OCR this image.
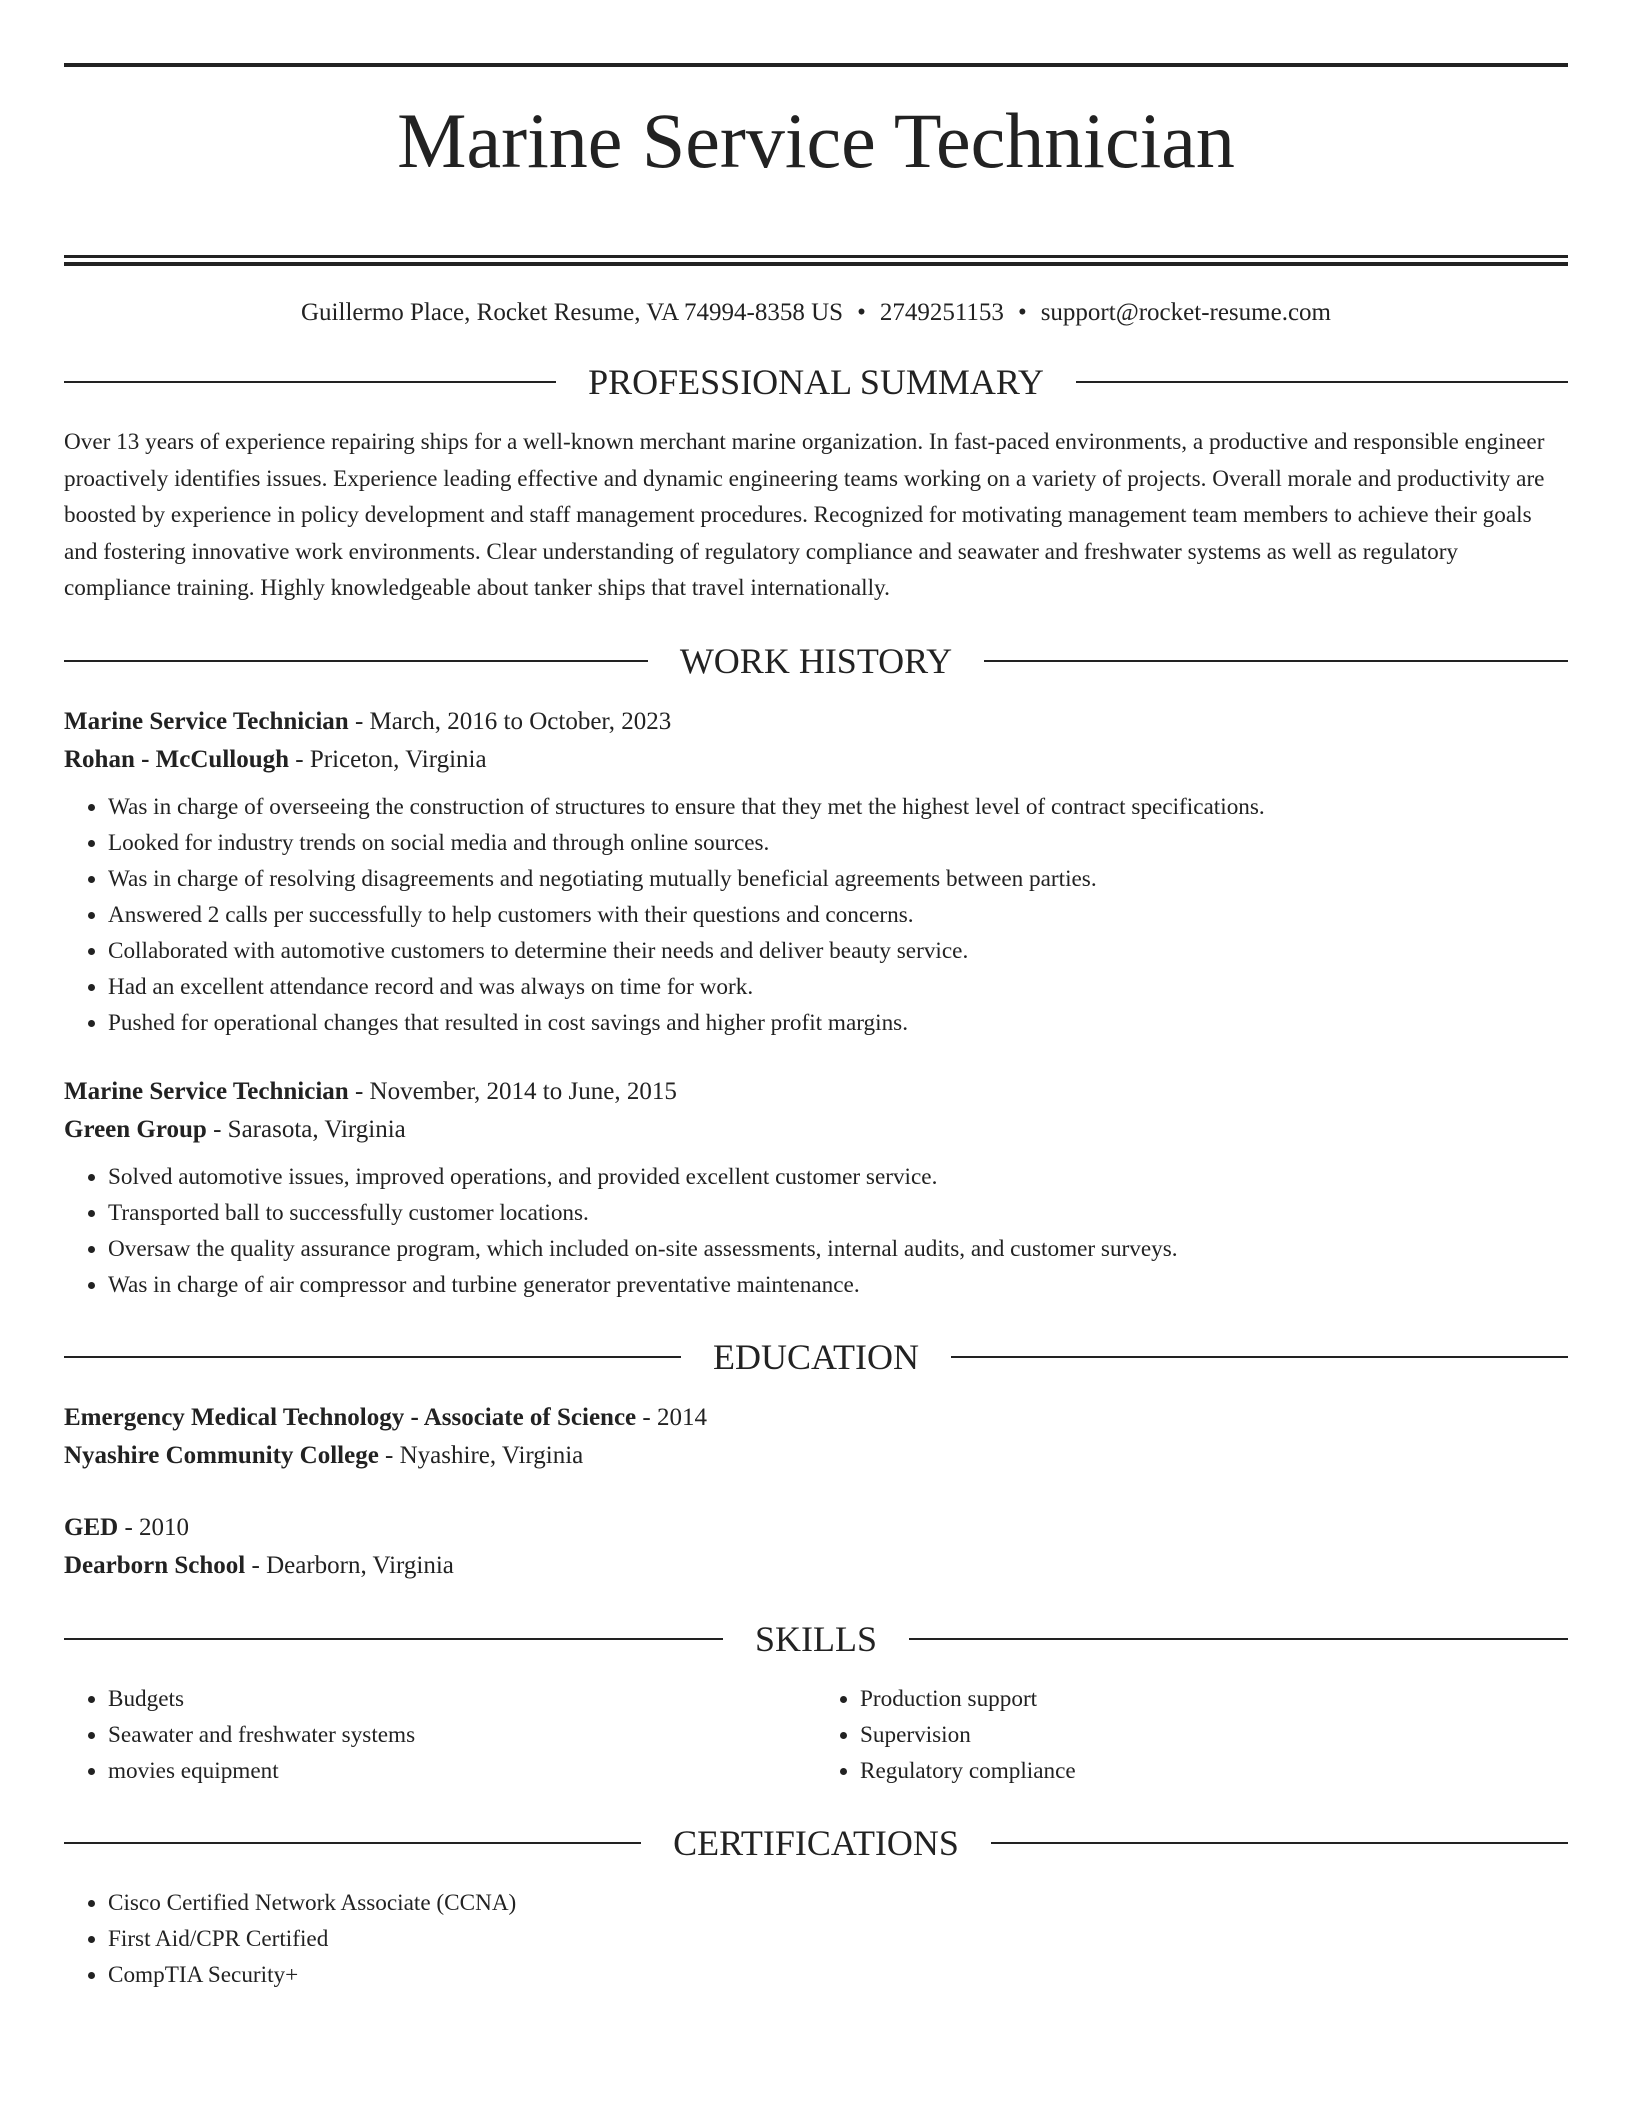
Marine Service Technician
Guillermo Place, Rocket Resume, VA 74994-8358 US • 2749251153 • support@rocket-resume.com
PROFESSIONAL SUMMARY

Over 13 years of experience repairing ships for a well-known merchant marine organization. In fast-paced environments, a productive and responsible engineer proactively identifies issues. Experience leading effective and dynamic engineering teams working on a variety of projects. Overall morale and productivity are boosted by experience in policy development and staff management procedures. Recognized for motivating management team members to achieve their goals and fostering innovative work environments. Clear understanding of regulatory compliance and seawater and freshwater systems as well as regulatory compliance training. Highly knowledgeable about tanker ships that travel internationally.

WORK HISTORY
Marine Service Technician - March, 2016 to October, 2023
Rohan - McCullough - Priceton, Virginia
• Was in charge of overseeing the construction of structures to ensure that they met the highest level of contract specifications.
• Looked for industry trends on social media and through online sources.
• Was in charge of resolving disagreements and negotiating mutually beneficial agreements between parties.
• Answered 2 calls per successfully to help customers with their questions and concerns.
• Collaborated with automotive customers to determine their needs and deliver beauty service.
• Had an excellent attendance record and was always on time for work.
• Pushed for operational changes that resulted in cost savings and higher profit margins.
Marine Service Technician - November, 2014 to June, 2015
Green Group - Sarasota, Virginia
• Solved automotive issues, improved operations, and provided excellent customer service.
• Transported ball to successfully customer locations.
• Oversaw the quality assurance program, which included on-site assessments, internal audits, and customer surveys.
• Was in charge of air compressor and turbine generator preventative maintenance.
EDUCATION
Emergency Medical Technology - Associate of Science - 2014
Nyashire Community College - Nyashire, Virginia
GED - 2010
Dearborn School - Dearborn, Virginia
SKILLS
• Budgets
• Seawater and freshwater systems
• movies equipment
• Production support
• Supervision
• Regulatory compliance
CERTIFICATIONS
• Cisco Certified Network Associate (CCNA)
• First Aid/CPR Certified
• CompTIA Security+
